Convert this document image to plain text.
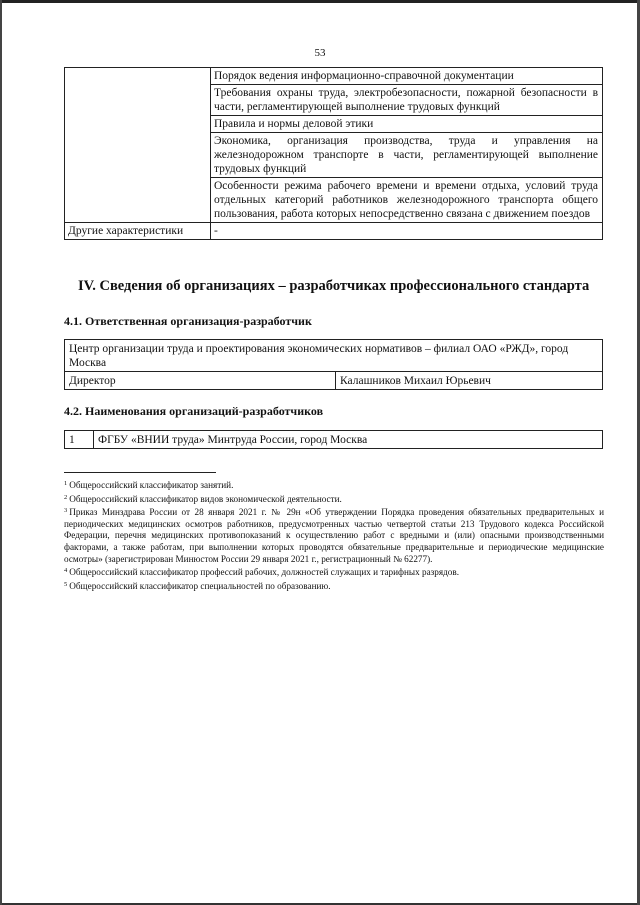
53
	Порядок ведения информационно-справочной документации
	Требования охраны труда, электробезопасности, пожарной безопасности в части, регламентирующей выполнение трудовых функций
	Правила и нормы деловой этики
	Экономика, организация производства, труда и управления на железнодорожном транспорте в части, регламентирующей выполнение трудовых функций
	Особенности режима рабочего времени и времени отдыха, условий труда отдельных категорий работников железнодорожного транспорта общего пользования, работа которых непосредственно связана с движением поездов
Другие характеристики	-
IV. Сведения об организациях – разработчиках профессионального стандарта
4.1. Ответственная организация-разработчик
Центр организации труда и проектирования экономических нормативов – филиал ОАО «РЖД», город Москва
Директор	Калашников Михаил Юрьевич
4.2. Наименования организаций-разработчиков
1	ФГБУ «ВНИИ труда» Минтруда России, город Москва
$^1$ Общероссийский классификатор занятий.
$^2$ Общероссийский классификатор видов экономической деятельности.
$^3$ Приказ Минздрава России от 28 января 2021 г. № 29н «Об утверждении Порядка проведения обязательных предварительных и периодических медицинских осмотров работников, предусмотренных частью четвертой статьи 213 Трудового кодекса Российской Федерации, перечня медицинских противопоказаний к осуществлению работ с вредными и (или) опасными производственными факторами, а также работам, при выполнении которых проводятся обязательные предварительные и периодические медицинские осмотры» (зарегистрирован Минюстом России 29 января 2021 г., регистрационный № 62277).
$^4$ Общероссийский классификатор профессий рабочих, должностей служащих и тарифных разрядов.
$^5$ Общероссийский классификатор специальностей по образованию.
